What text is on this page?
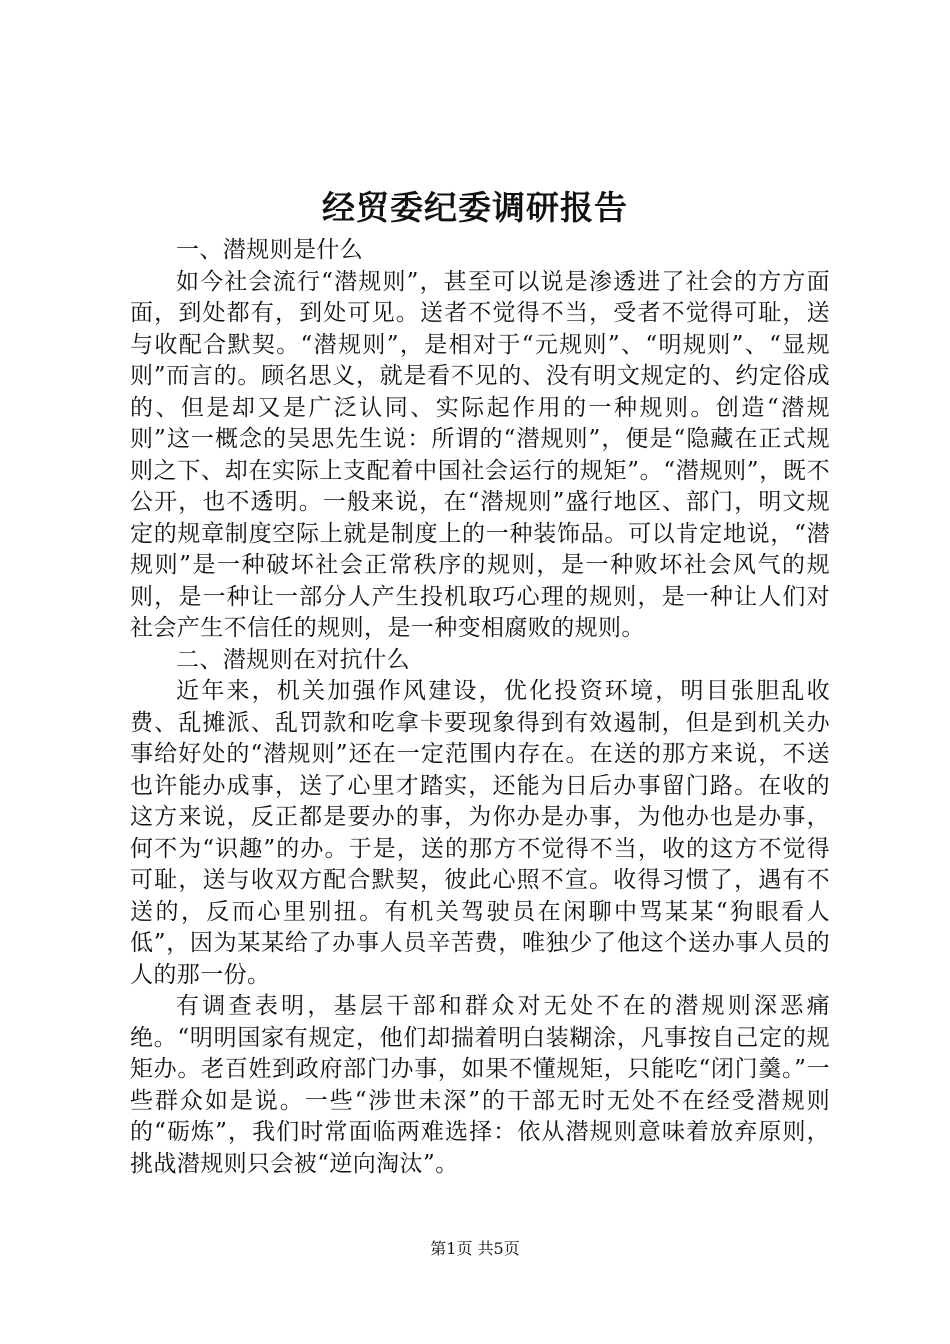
经贸委纪委调研报告

一、潜规则是什么

如今社会流行“潜规则”，甚至可以说是渗透进了社会的方方面面，到处都有，到处可见。送者不觉得不当，受者不觉得可耻，送与收配合默契。“潜规则”，是相对于“元规则”、“明规则”、“显规则”而言的。顾名思义，就是看不见的、没有明文规定的、约定俗成的、但是却又是广泛认同、实际起作用的一种规则。创造“潜规则”这一概念的吴思先生说：所谓的“潜规则”，便是“隐藏在正式规则之下、却在实际上支配着中国社会运行的规矩”。“潜规则”，既不公开，也不透明。一般来说，在“潜规则”盛行地区、部门，明文规定的规章制度空际上就是制度上的一种装饰品。可以肯定地说，“潜规则”是一种破坏社会正常秩序的规则，是一种败坏社会风气的规则，是一种让一部分人产生投机取巧心理的规则，是一种让人们对社会产生不信任的规则，是一种变相腐败的规则。

二、潜规则在对抗什么

近年来，机关加强作风建设，优化投资环境，明目张胆乱收费、乱摊派、乱罚款和吃拿卡要现象得到有效遏制，但是到机关办事给好处的“潜规则”还在一定范围内存在。在送的那方来说，不送也许能办成事，送了心里才踏实，还能为日后办事留门路。在收的这方来说，反正都是要办的事，为你办是办事，为他办也是办事，何不为“识趣”的办。于是，送的那方不觉得不当，收的这方不觉得可耻，送与收双方配合默契，彼此心照不宣。收得习惯了，遇有不送的，反而心里别扭。有机关驾驶员在闲聊中骂某某“狗眼看人低”，因为某某给了办事人员辛苦费，唯独少了他这个送办事人员的人的那一份。

有调查表明，基层干部和群众对无处不在的潜规则深恶痛绝。“明明国家有规定，他们却揣着明白装糊涂，凡事按自己定的规矩办。老百姓到政府部门办事，如果不懂规矩，只能吃“闭门羹。”一些群众如是说。一些“涉世未深”的干部无时无处不在经受潜规则的“砺炼”，我们时常面临两难选择：依从潜规则意味着放弃原则，挑战潜规则只会被“逆向淘汰”。

第1页 共5页
